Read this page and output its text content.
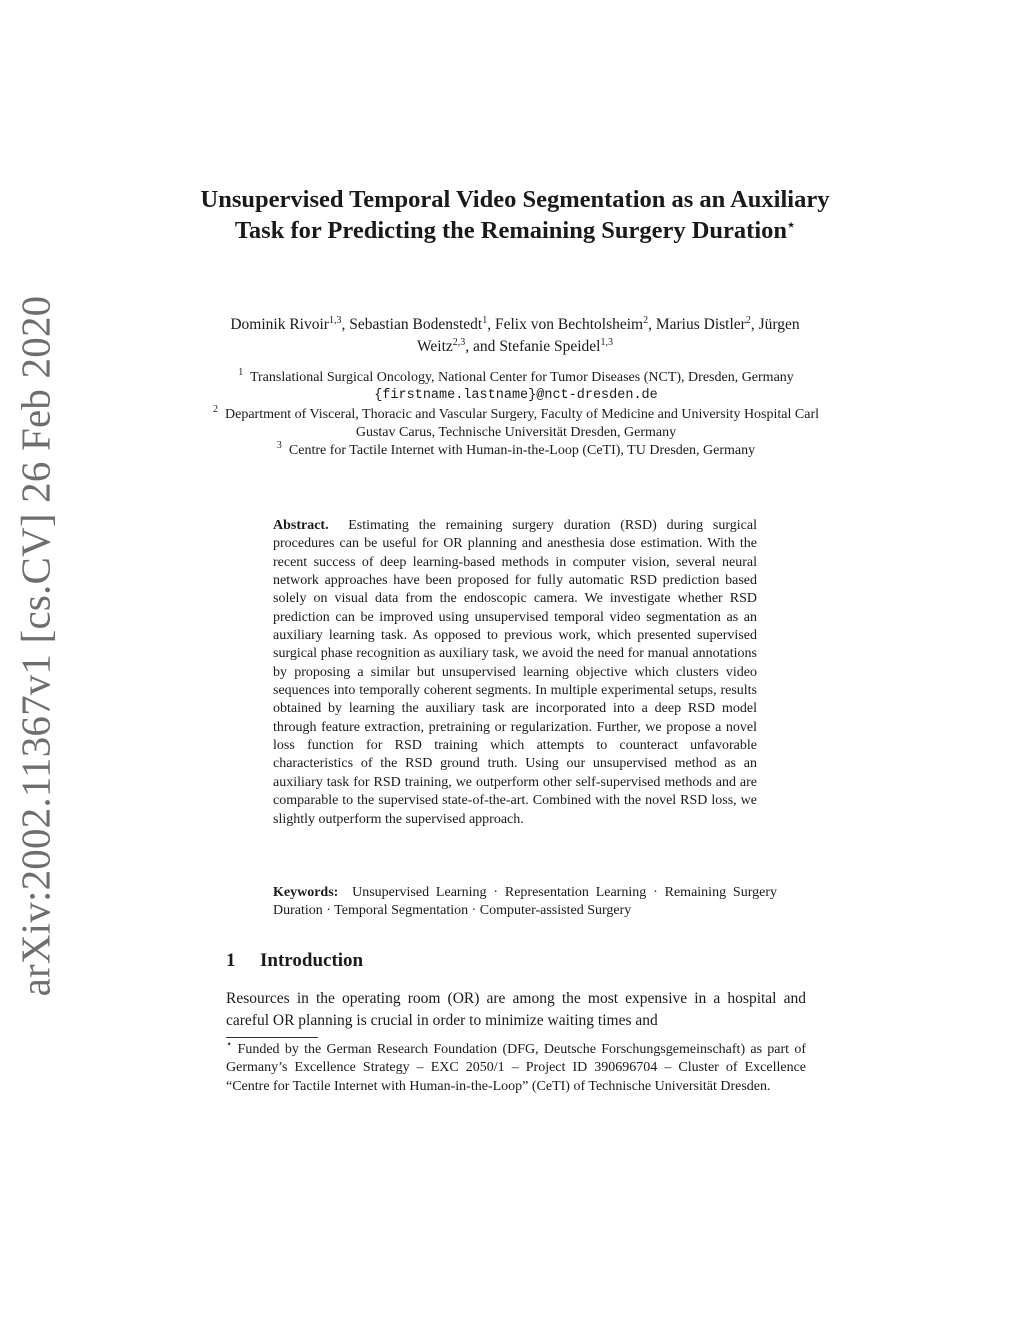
arXiv:2002.11367v1 [cs.CV] 26 Feb 2020
Unsupervised Temporal Video Segmentation as an Auxiliary Task for Predicting the Remaining Surgery Duration⋆
Dominik Rivoir$^{1,3}$, Sebastian Bodenstedt$^1$, Felix von Bechtolsheim$^2$, Marius Distler$^2$, Jürgen Weitz$^{2,3}$, and Stefanie Speidel$^{1,3}$
$^1$ Translational Surgical Oncology, National Center for Tumor Diseases (NCT), Dresden, Germany
{firstname.lastname}@nct-dresden.de
$^2$ Department of Visceral, Thoracic and Vascular Surgery, Faculty of Medicine and University Hospital Carl Gustav Carus, Technische Universität Dresden, Germany
$^3$ Centre for Tactile Internet with Human-in-the-Loop (CeTI), TU Dresden, Germany
Abstract. Estimating the remaining surgery duration (RSD) during surgical procedures can be useful for OR planning and anesthesia dose estimation. With the recent success of deep learning-based methods in computer vision, several neural network approaches have been proposed for fully automatic RSD prediction based solely on visual data from the endoscopic camera. We investigate whether RSD prediction can be improved using unsupervised temporal video segmentation as an auxiliary learning task. As opposed to previous work, which presented supervised surgical phase recognition as auxiliary task, we avoid the need for manual annotations by proposing a similar but unsupervised learning objective which clusters video sequences into temporally coherent segments. In multiple experimental setups, results obtained by learning the auxiliary task are incorporated into a deep RSD model through feature extraction, pretraining or regularization. Further, we propose a novel loss function for RSD training which attempts to counteract unfavorable characteristics of the RSD ground truth. Using our unsupervised method as an auxiliary task for RSD training, we outperform other self-supervised methods and are comparable to the supervised state-of-the-art. Combined with the novel RSD loss, we slightly outperform the supervised approach.
Keywords: Unsupervised Learning · Representation Learning · Remaining Surgery Duration · Temporal Segmentation · Computer-assisted Surgery
1 Introduction

Resources in the operating room (OR) are among the most expensive in a hospital and careful OR planning is crucial in order to minimize waiting times and

⋆ Funded by the German Research Foundation (DFG, Deutsche Forschungsgemeinschaft) as part of Germany’s Excellence Strategy – EXC 2050/1 – Project ID 390696704 – Cluster of Excellence “Centre for Tactile Internet with Human-in-the-Loop” (CeTI) of Technische Universität Dresden.
